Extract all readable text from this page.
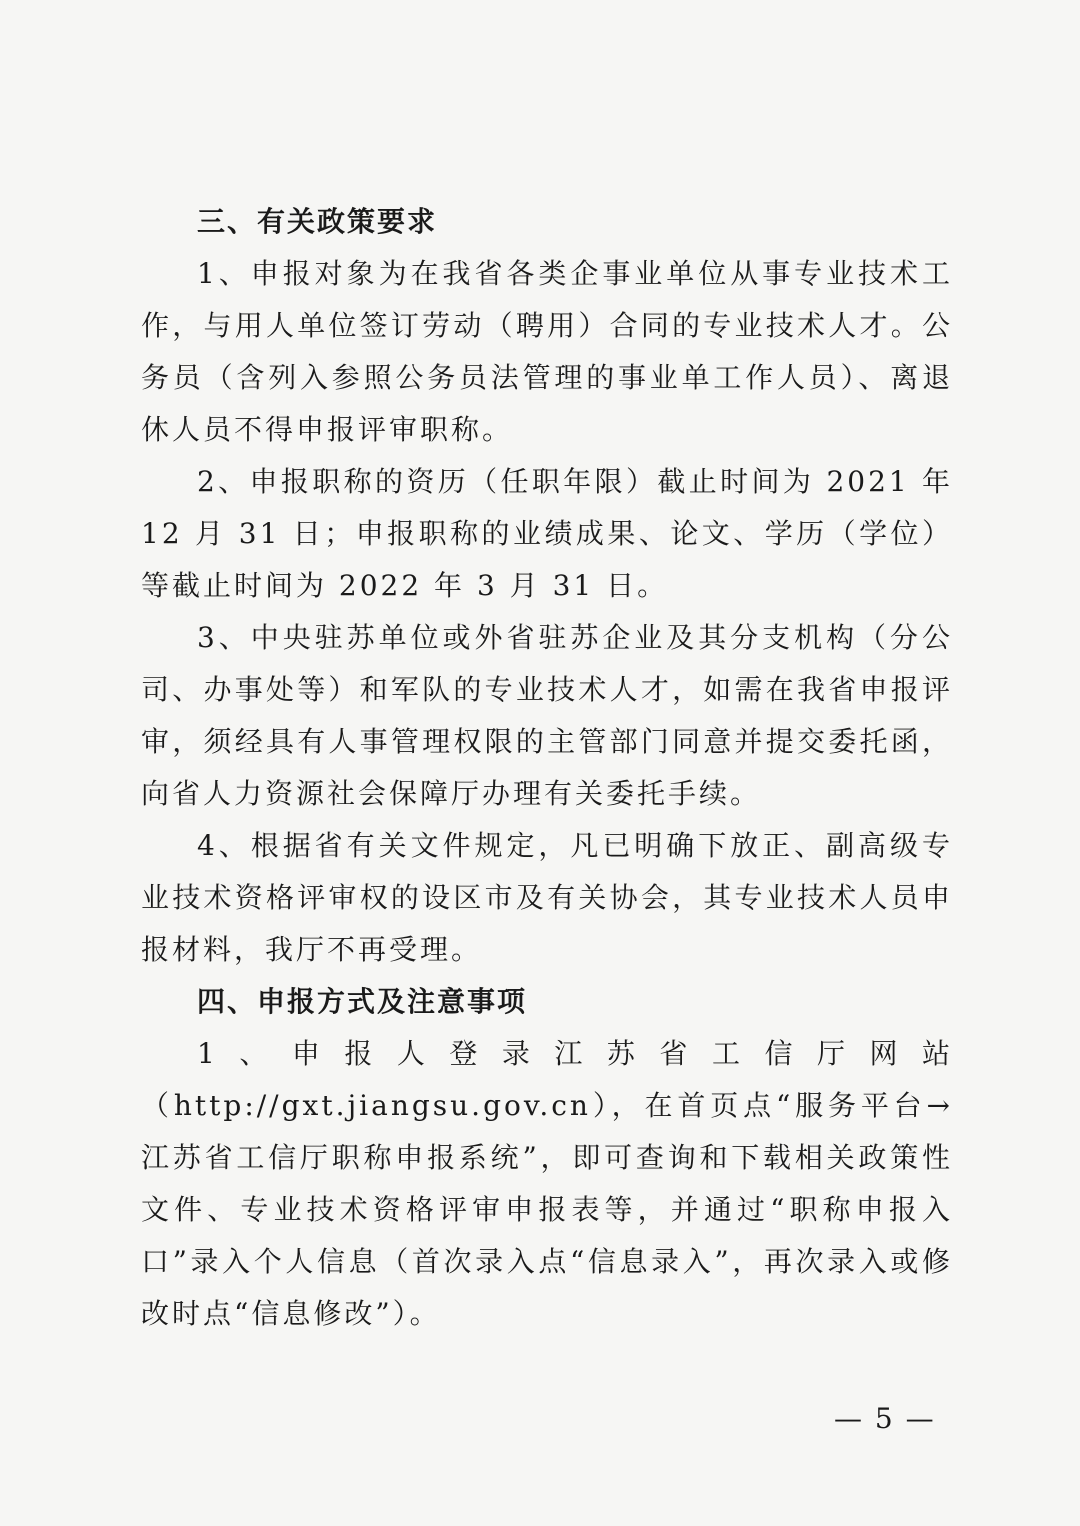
三、有关政策要求

1、申报对象为在我省各类企事业单位从事专业技术工作，与用人单位签订劳动（聘用）合同的专业技术人才。公务员（含列入参照公务员法管理的事业单工作人员）、离退休人员不得申报评审职称。

2、申报职称的资历（任职年限）截止时间为 2021 年 12 月 31 日；申报职称的业绩成果、论文、学历（学位）等截止时间为 2022 年 3 月 31 日。

3、中央驻苏单位或外省驻苏企业及其分支机构（分公司、办事处等）和军队的专业技术人才，如需在我省申报评审，须经具有人事管理权限的主管部门同意并提交委托函，向省人力资源社会保障厅办理有关委托手续。

4、根据省有关文件规定，凡已明确下放正、副高级专业技术资格评审权的设区市及有关协会，其专业技术人员申报材料，我厅不再受理。

四、申报方式及注意事项

1、申报人登录江苏省工信厅网站（http://gxt.jiangsu.gov.cn），在首页点“服务平台→江苏省工信厅职称申报系统”，即可查询和下载相关政策性文件、专业技术资格评审申报表等，并通过“职称申报入口”录入个人信息（首次录入点“信息录入”，再次录入或修改时点“信息修改”）。

— 5 —
